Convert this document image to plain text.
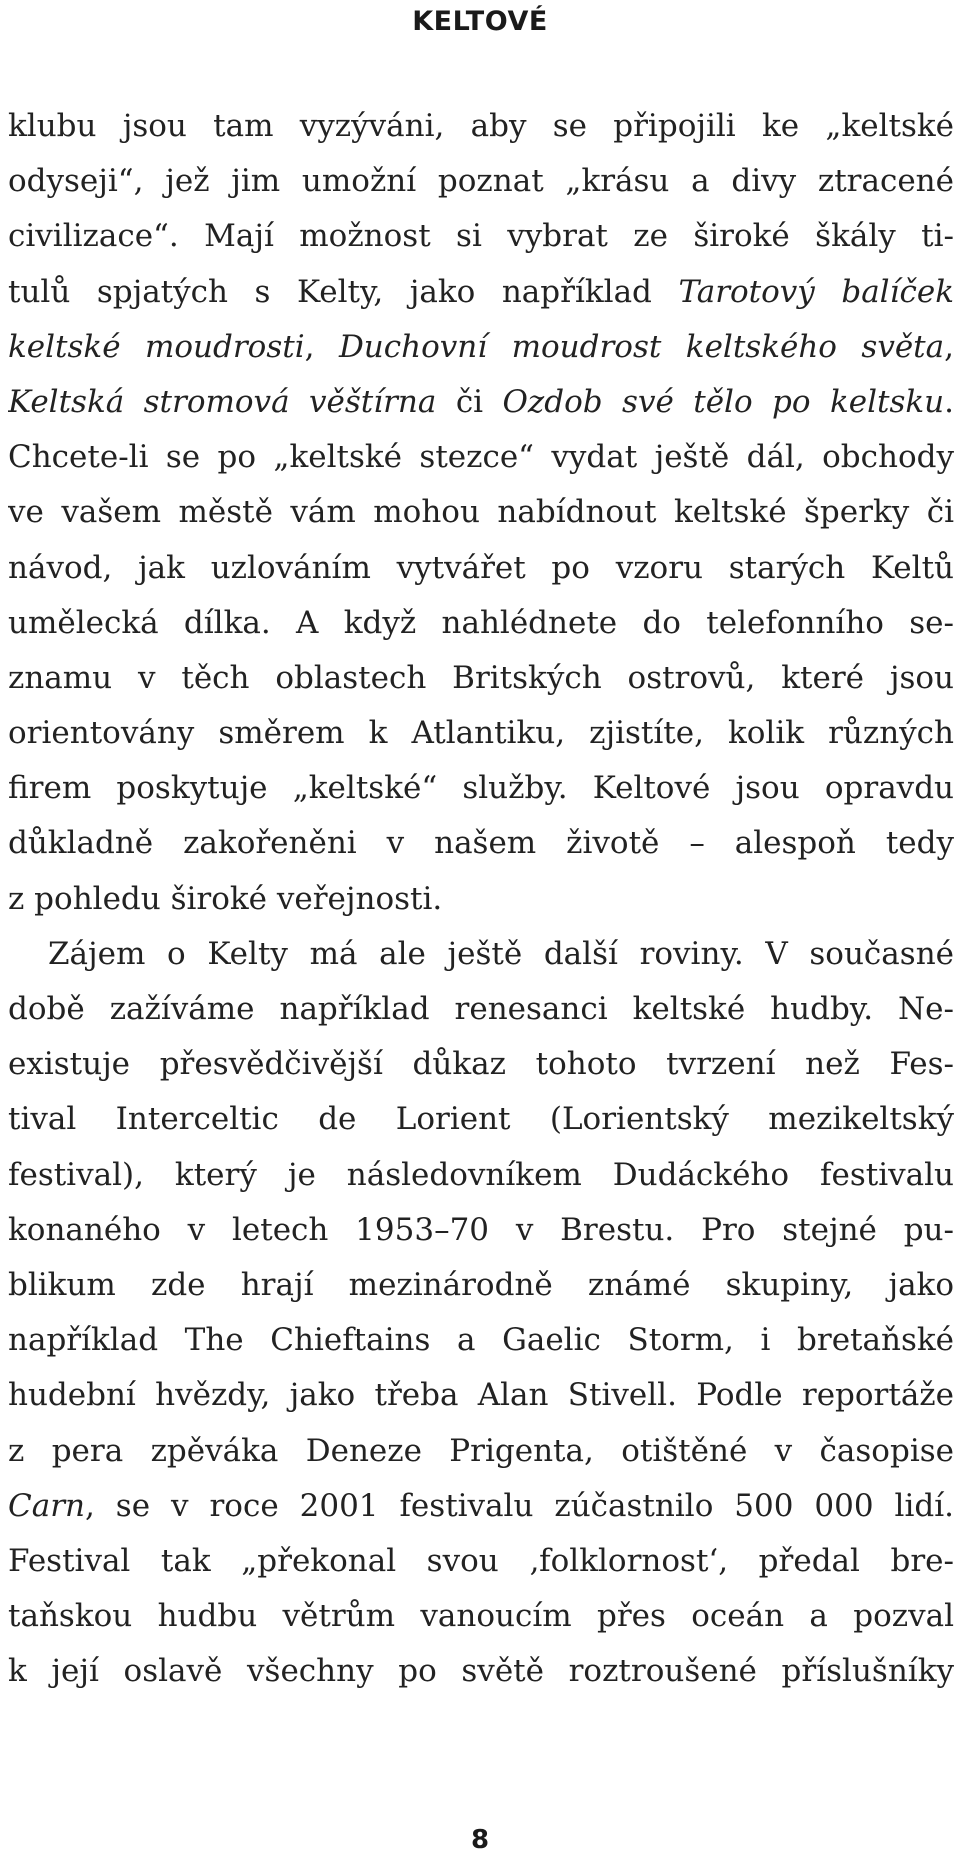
KELTOVÉ
klubu jsou tam vyzýváni, aby se připojili ke „keltské
odyseji“, jež jim umožní poznat „krásu a divy ztracené
civilizace“. Mají možnost si vybrat ze široké škály ti-
tulů spjatých s Kelty, jako například Tarotový balíček
keltské moudrosti, Duchovní moudrost keltského světa,
Keltská stromová věštírna či Ozdob své tělo po keltsku.
Chcete-li se po „keltské stezce“ vydat ještě dál, obchody
ve vašem městě vám mohou nabídnout keltské šperky či
návod, jak uzlováním vytvářet po vzoru starých Keltů
umělecká dílka. A když nahlédnete do telefonního se-
znamu v těch oblastech Britských ostrovů, které jsou
orientovány směrem k Atlantiku, zjistíte, kolik různých
firem poskytuje „keltské“ služby. Keltové jsou opravdu
důkladně zakořeněni v našem životě – alespoň tedy
z pohledu široké veřejnosti.
Zájem o Kelty má ale ještě další roviny. V současné
době zažíváme například renesanci keltské hudby. Ne-
existuje přesvědčivější důkaz tohoto tvrzení než Fes-
tival Interceltic de Lorient (Lorientský mezikeltský
festival), který je následovníkem Dudáckého festivalu
konaného v letech 1953–70 v Brestu. Pro stejné pu-
blikum zde hrají mezinárodně známé skupiny, jako
například The Chieftains a Gaelic Storm, i bretaňské
hudební hvězdy, jako třeba Alan Stivell. Podle reportáže
z pera zpěváka Deneze Prigenta, otištěné v časopise
Carn, se v roce 2001 festivalu zúčastnilo 500 000 lidí.
Festival tak „překonal svou ‚folklornost‘, předal bre-
taňskou hudbu větrům vanoucím přes oceán a pozval
k její oslavě všechny po světě roztroušené příslušníky
8
